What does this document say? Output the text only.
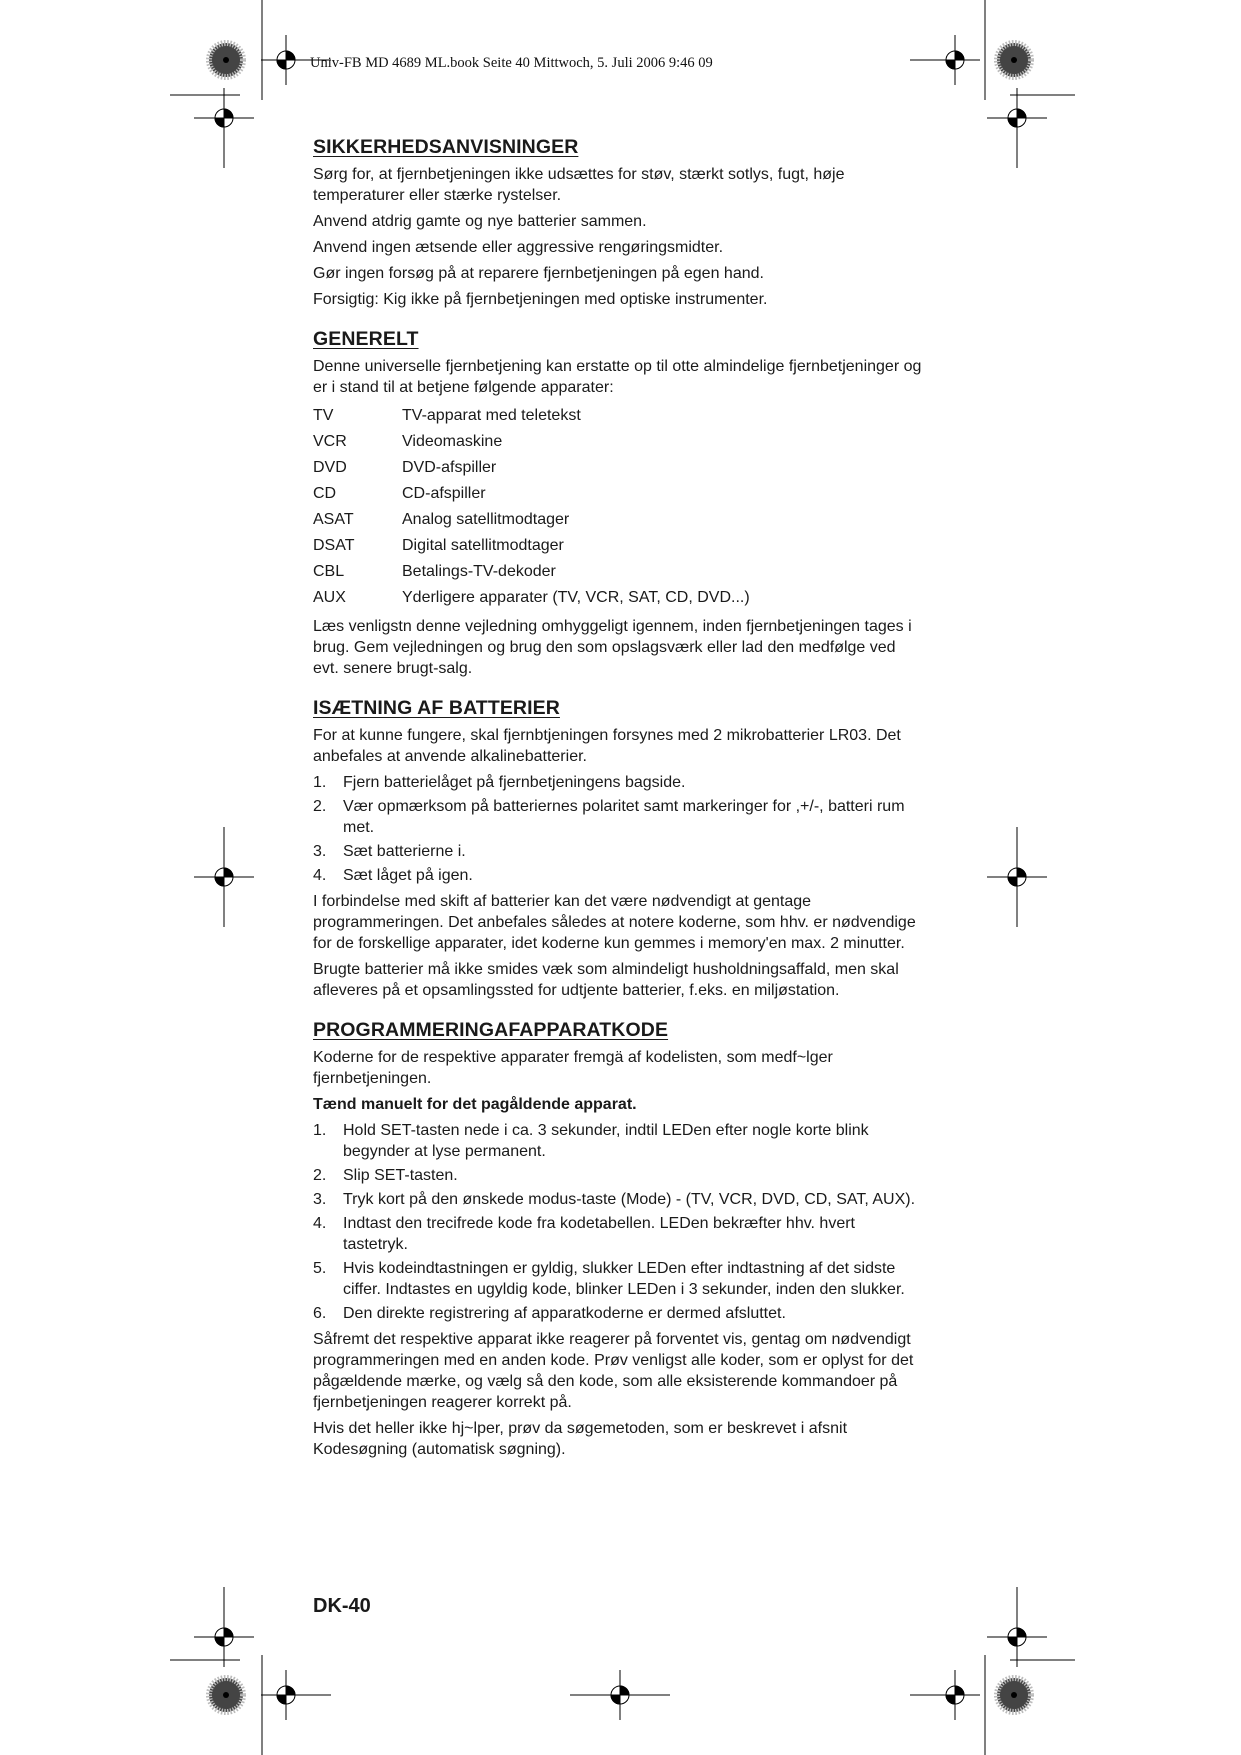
Univ-FB MD 4689 ML.book Seite 40 Mittwoch, 5. Juli 2006 9:46 09
SIKKERHEDSANVISNINGER

Sørg for, at fjernbetjeningen ikke udsættes for støv, stærkt sotlys, fugt, høje temperaturer eller stærke rystelser.

Anvend atdrig gamte og nye batterier sammen.

Anvend ingen ætsende eller aggressive rengøringsmidter.

Gør ingen forsøg på at reparere fjernbetjeningen på egen hand.

Forsigtig: Kig ikke på fjernbetjeningen med optiske instrumenter.

GENERELT

Denne universelle fjernbetjening kan erstatte op til otte almindelige fjernbetjeninger og er i stand til at betjene følgende apparater:

TV	TV-apparat med teletekst
VCR	Videomaskine
DVD	DVD-afspiller
CD	CD-afspiller
ASAT	Analog satellitmodtager
DSAT	Digital satellitmodtager
CBL	Betalings-TV-dekoder
AUX	Yderligere apparater (TV, VCR, SAT, CD, DVD...)

Læs venligstn denne vejledning omhyggeligt igennem, inden fjernbetjeningen tages i brug. Gem vejledningen og brug den som opslagsværk eller lad den medfølge ved evt. senere brugt-salg.

ISÆTNING AF BATTERIER

For at kunne fungere, skal fjernbtjeningen forsynes med 2 mikrobatterier LR03. Det anbefales at anvende alkalinebatterier.

1.	Fjern batterielåget på fjernbetjeningens bagside.
2.	Vær opmærksom på batteriernes polaritet samt markeringer for ,+/-, batteri rum met.
3.	Sæt batterierne i.
4.	Sæt låget på igen.

I forbindelse med skift af batterier kan det være nødvendigt at gentage programmeringen. Det anbefales således at notere koderne, som hhv. er nødvendige for de forskellige apparater, idet koderne kun gemmes i memory'en max. 2 minutter.

Brugte batterier må ikke smides væk som almindeligt husholdningsaffald, men skal afleveres på et opsamlingssted for udtjente batterier, f.eks. en miljøstation.

PROGRAMMERINGAFAPPARATKODE

Koderne for de respektive apparater fremgä af kodelisten, som medf~lger fjernbetjeningen.

Tænd manuelt for det pagåldende apparat.

1.	Hold SET-tasten nede i ca. 3 sekunder, indtil LEDen efter nogle korte blink begynder at lyse permanent.
2.	Slip SET-tasten.
3.	Tryk kort på den ønskede modus-taste (Mode) - (TV, VCR, DVD, CD, SAT, AUX).
4.	Indtast den trecifrede kode fra kodetabellen. LEDen bekræfter hhv. hvert tastetryk.
5.	Hvis kodeindtastningen er gyldig, slukker LEDen efter indtastning af det sidste ciffer. Indtastes en ugyldig kode, blinker LEDen i 3 sekunder, inden den slukker.
6.	Den direkte registrering af apparatkoderne er dermed afsluttet.

Såfremt det respektive apparat ikke reagerer på forventet vis, gentag om nødvendigt programmeringen med en anden kode. Prøv venligst alle koder, som er oplyst for det pågældende mærke, og vælg så den kode, som alle eksisterende kommandoer på fjernbetjeningen reagerer korrekt på.

Hvis det heller ikke hj~lper, prøv da søgemetoden, som er beskrevet i afsnit Kodesøgning (automatisk søgning).

DK-40
